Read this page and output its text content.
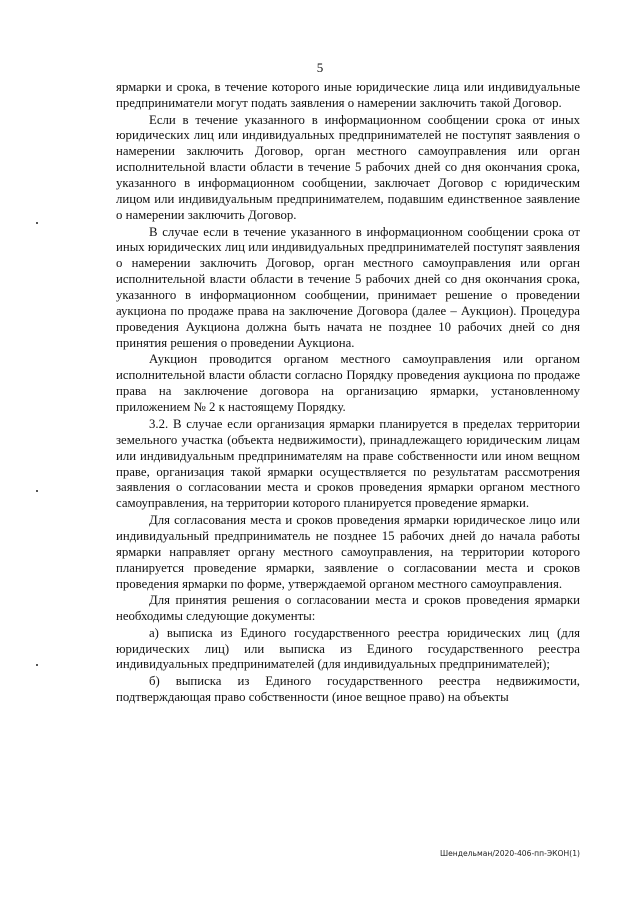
5

ярмарки и срока, в течение которого иные юридические лица или индивидуальные предприниматели могут подать заявления о намерении заключить такой Договор.

Если в течение указанного в информационном сообщении срока от иных юридических лиц или индивидуальных предпринимателей не поступят заявления о намерении заключить Договор, орган местного самоуправления или орган исполнительной власти области в течение 5 рабочих дней со дня окончания срока, указанного в информационном сообщении, заключает Договор с юридическим лицом или индивидуальным предпринимателем, подавшим единственное заявление о намерении заключить Договор.

В случае если в течение указанного в информационном сообщении срока от иных юридических лиц или индивидуальных предпринимателей поступят заявления о намерении заключить Договор, орган местного самоуправления или орган исполнительной власти области в течение 5 рабочих дней со дня окончания срока, указанного в информационном сообщении, принимает решение о проведении аукциона по продаже права на заключение Договора (далее – Аукцион). Процедура проведения Аукциона должна быть начата не позднее 10 рабочих дней со дня принятия решения о проведении Аукциона.

Аукцион проводится органом местного самоуправления или органом исполнительной власти области согласно Порядку проведения аукциона по продаже права на заключение договора на организацию ярмарки, установленному приложением № 2 к настоящему Порядку.

3.2. В случае если организация ярмарки планируется в пределах территории земельного участка (объекта недвижимости), принадлежащего юридическим лицам или индивидуальным предпринимателям на праве собственности или ином вещном праве, организация такой ярмарки осуществляется по результатам рассмотрения заявления о согласовании места и сроков проведения ярмарки органом местного самоуправления, на территории которого планируется проведение ярмарки.

Для согласования места и сроков проведения ярмарки юридическое лицо или индивидуальный предприниматель не позднее 15 рабочих дней до начала работы ярмарки направляет органу местного самоуправления, на территории которого планируется проведение ярмарки, заявление о согласовании места и сроков проведения ярмарки по форме, утверждаемой органом местного самоуправления.

Для принятия решения о согласовании места и сроков проведения ярмарки необходимы следующие документы:

а) выписка из Единого государственного реестра юридических лиц (для юридических лиц) или выписка из Единого государственного реестра индивидуальных предпринимателей (для индивидуальных предпринимателей);

б) выписка из Единого государственного реестра недвижимости, подтверждающая право собственности (иное вещное право) на объекты

Шендельман/2020-406-пп-ЭКОН(1)
